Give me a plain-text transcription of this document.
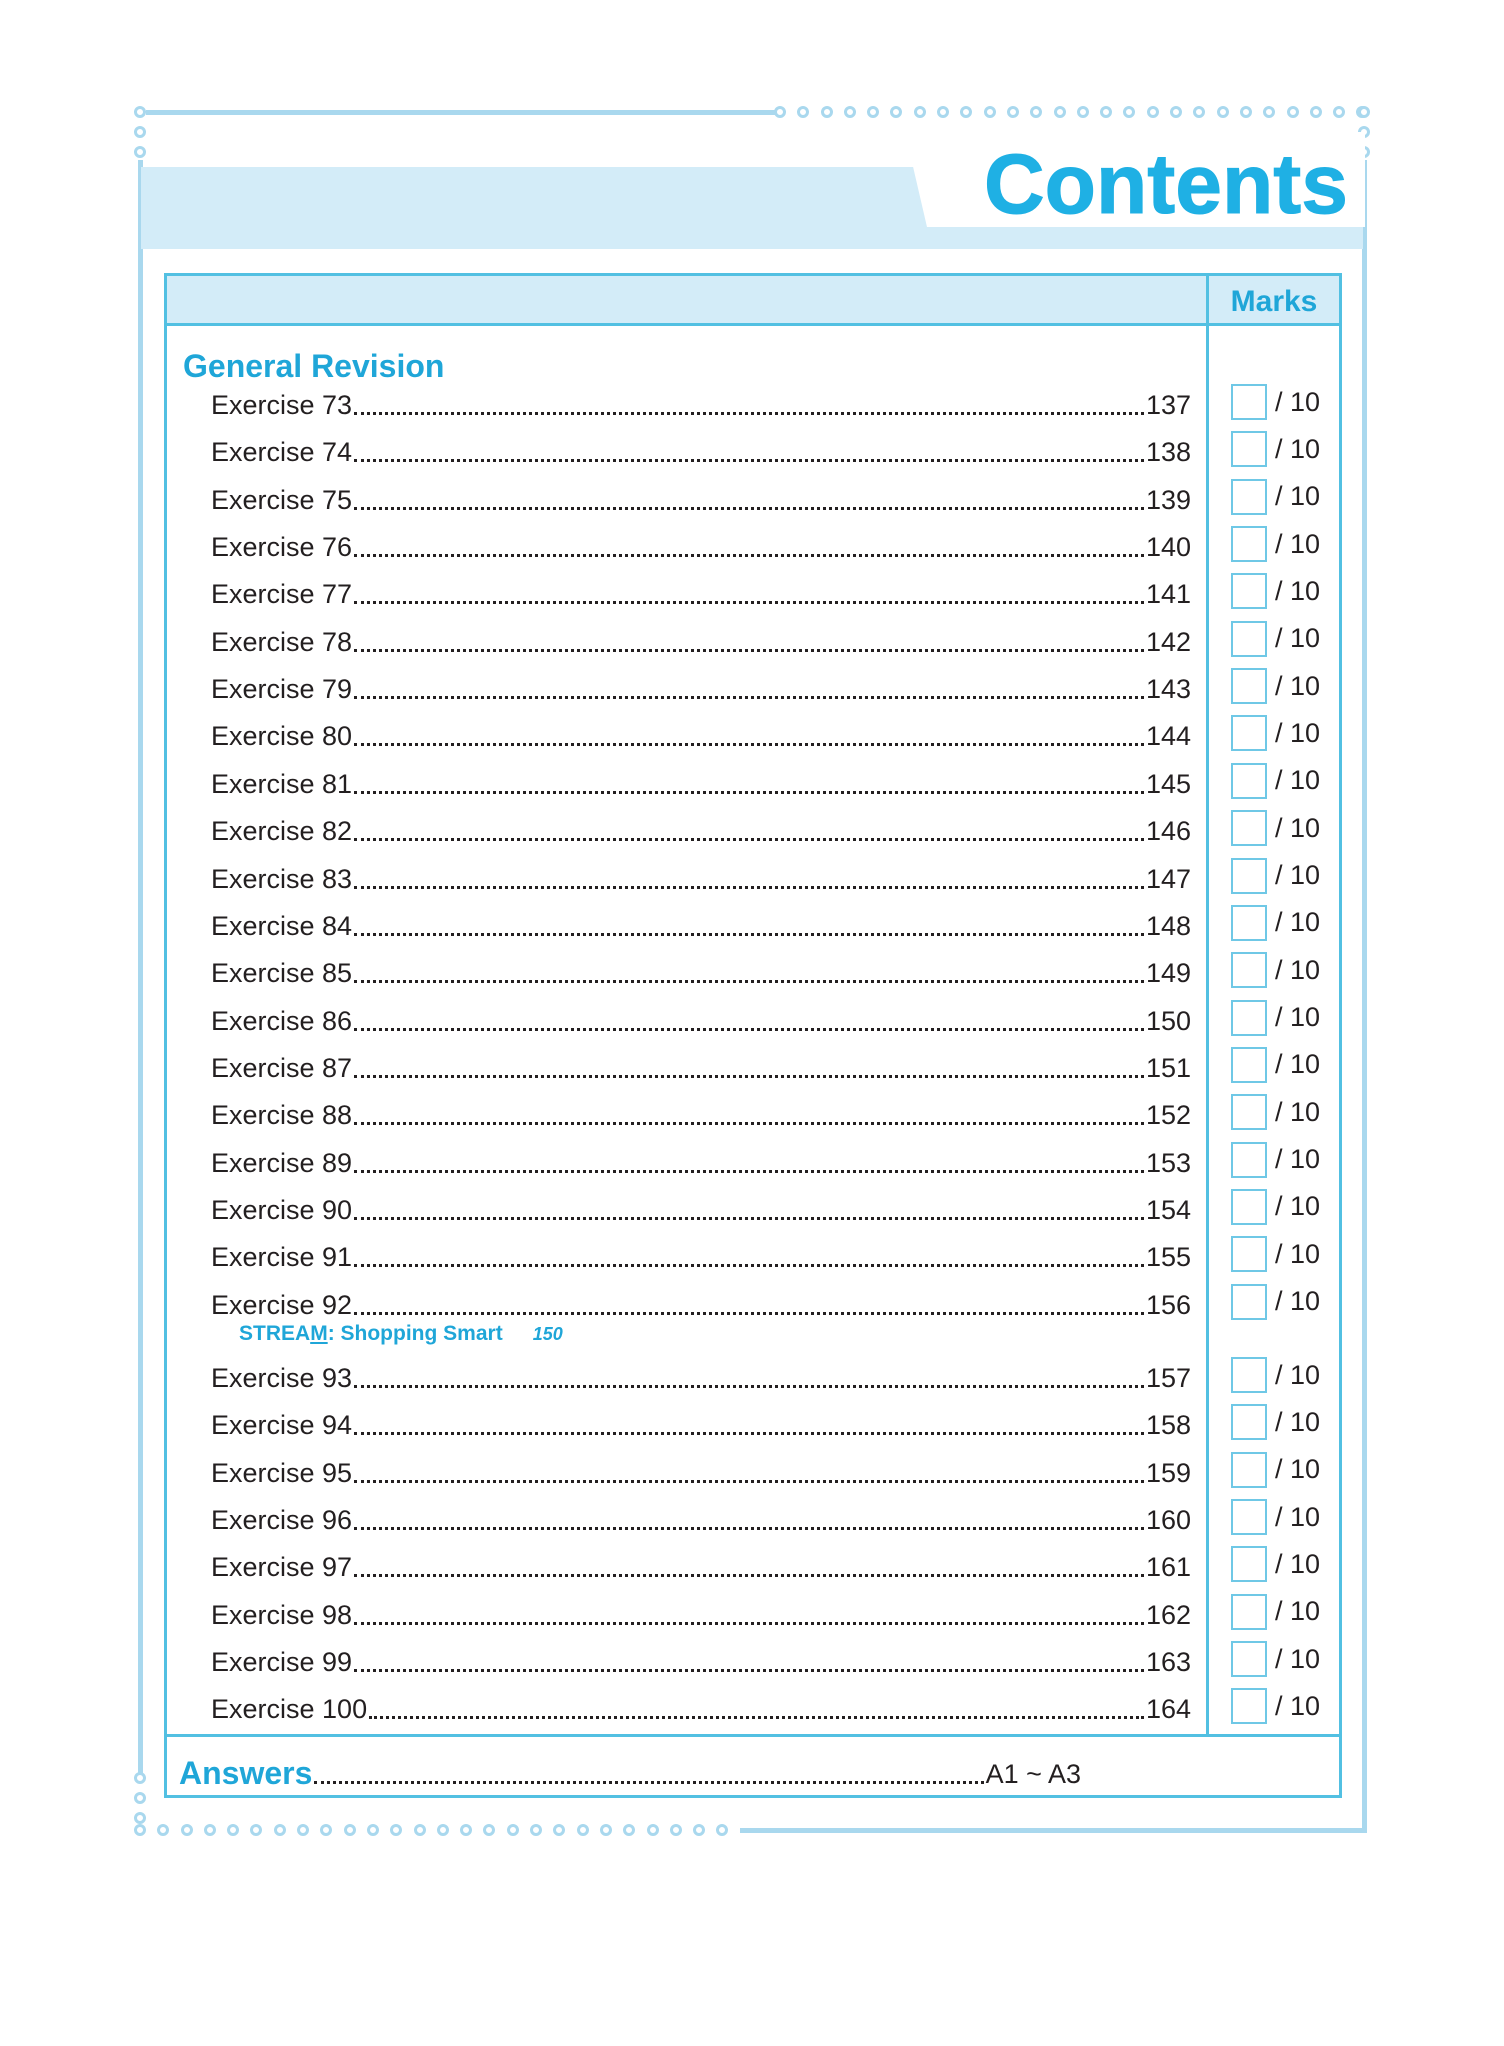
Contents
Marks
General Revision
Exercise 73	137	/ 10
Exercise 74	138	/ 10
Exercise 75	139	/ 10
Exercise 76	140	/ 10
Exercise 77	141	/ 10
Exercise 78	142	/ 10
Exercise 79	143	/ 10
Exercise 80	144	/ 10
Exercise 81	145	/ 10
Exercise 82	146	/ 10
Exercise 83	147	/ 10
Exercise 84	148	/ 10
Exercise 85	149	/ 10
Exercise 86	150	/ 10
Exercise 87	151	/ 10
Exercise 88	152	/ 10
Exercise 89	153	/ 10
Exercise 90	154	/ 10
Exercise 91	155	/ 10
Exercise 92	156	/ 10
Exercise 93	157	/ 10
Exercise 94	158	/ 10
Exercise 95	159	/ 10
Exercise 96	160	/ 10
Exercise 97	161	/ 10
Exercise 98	162	/ 10
Exercise 99	163	/ 10
Exercise 100	164	/ 10
STREAM: Shopping Smart 150
Answers	A1 ~ A3
